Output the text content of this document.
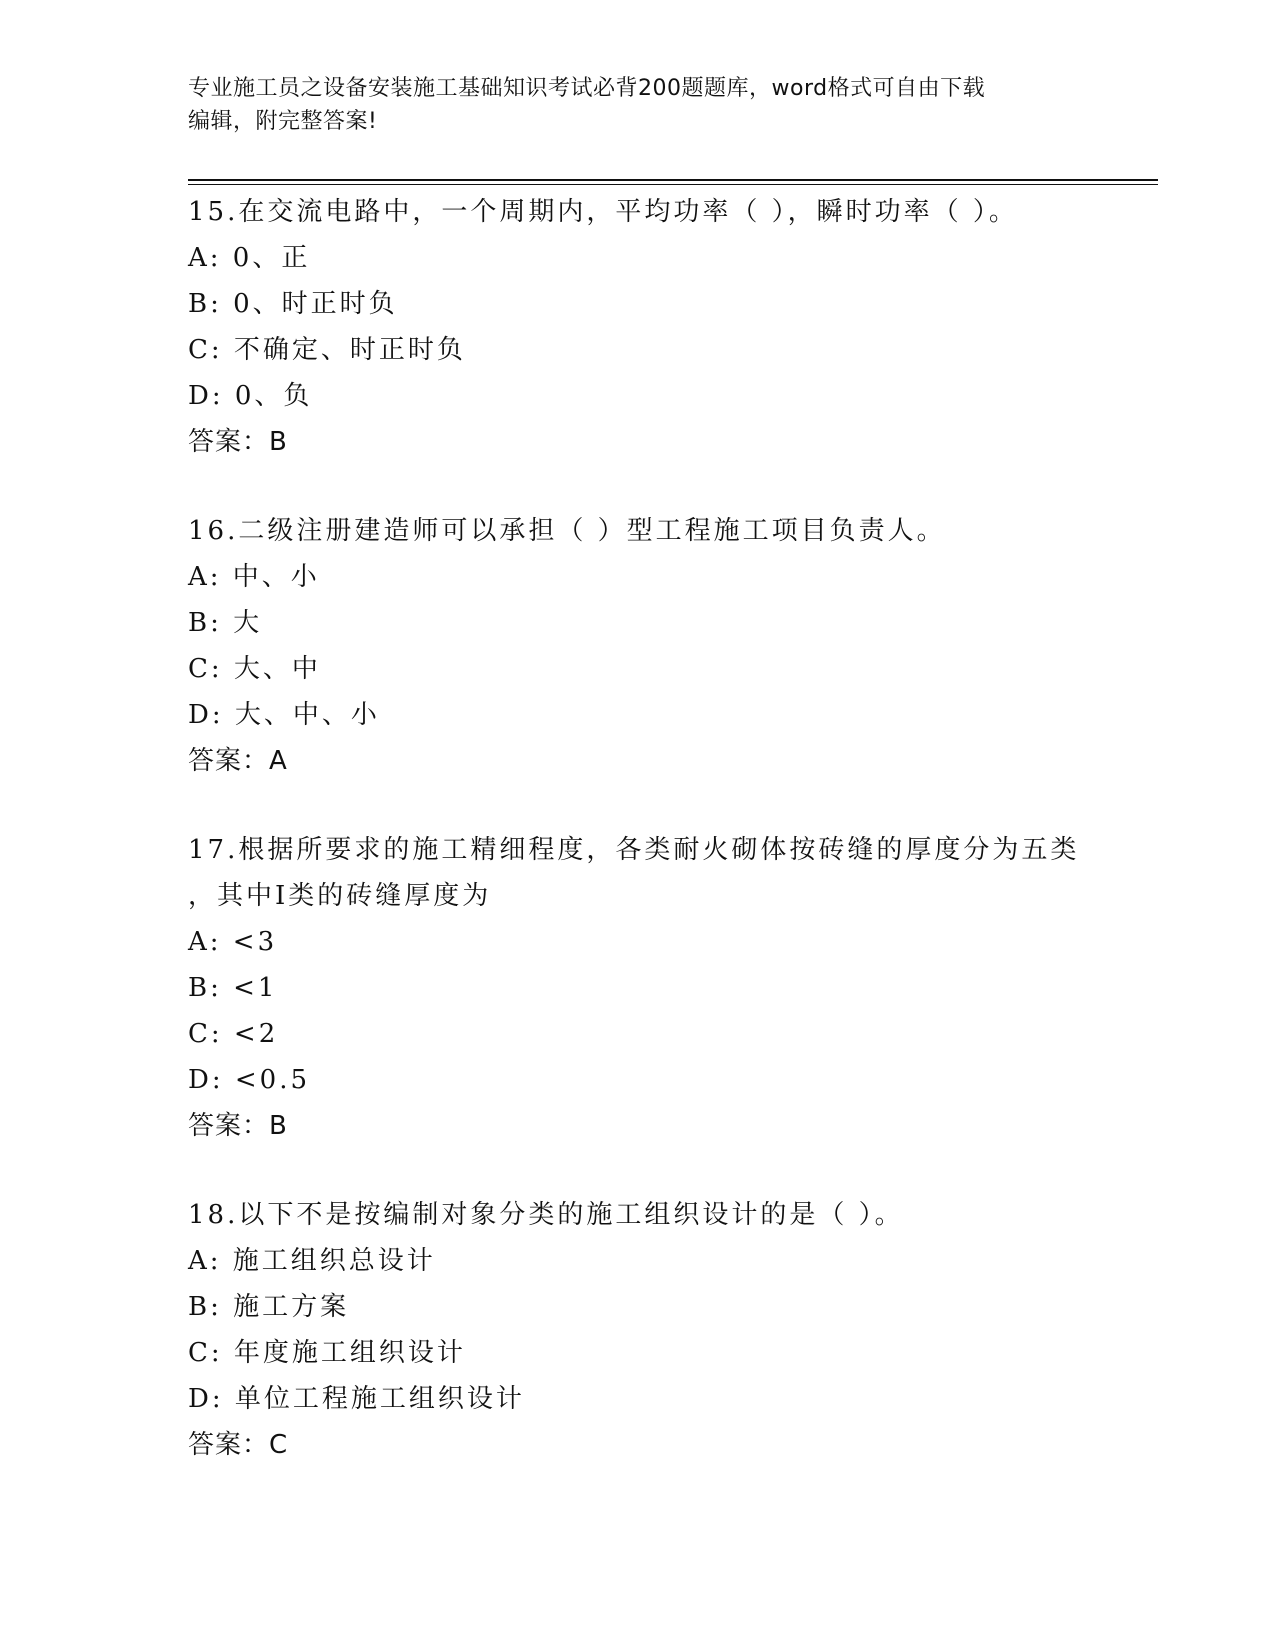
专业施工员之设备安装施工基础知识考试必背200题题库，word格式可自由下载
编辑，附完整答案!
15.在交流电路中，一个周期内，平均功率（ ），瞬时功率（ ）。
A: 0、正
B: 0、时正时负
C: 不确定、时正时负
D: 0、负
答案：B
16.二级注册建造师可以承担（ ）型工程施工项目负责人。
A: 中、小
B: 大
C: 大、中
D: 大、中、小
答案：A
17.根据所要求的施工精细程度，各类耐火砌体按砖缝的厚度分为五类
，其中Ⅰ类的砖缝厚度为
A: <3
B: <1
C: <2
D: <0.5
答案：B
18.以下不是按编制对象分类的施工组织设计的是（ ）。
A: 施工组织总设计
B: 施工方案
C: 年度施工组织设计
D: 单位工程施工组织设计
答案：C
